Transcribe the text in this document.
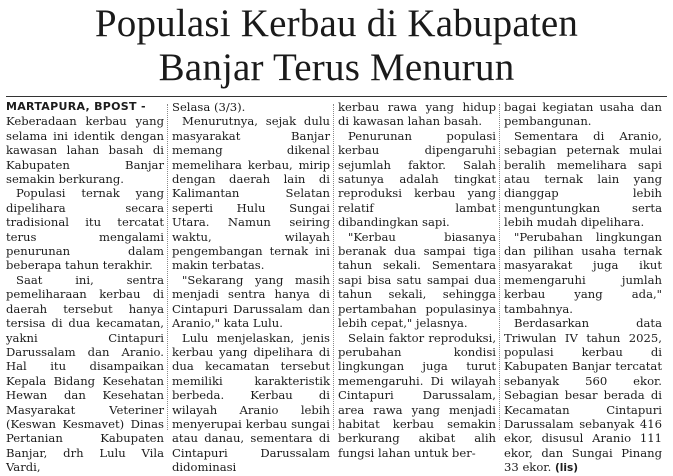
Populasi Kerbau di Kabupaten
Banjar Terus Menurun
MARTAPURA, BPOST -

Keberadaan kerbau yang selama ini identik dengan kawasan lahan basah di Kabupaten Banjar semakin berkurang.

Populasi ternak yang dipelihara secara tradisional itu tercatat terus mengalami penurunan dalam beberapa tahun terakhir.

Saat ini, sentra pemeliharaan kerbau di daerah tersebut hanya tersisa di dua kecamatan, yakni Cintapuri Darussalam dan Aranio. Hal itu disampaikan Kepala Bidang Kesehatan Hewan dan Kesehatan Masyarakat Veteriner (Keswan Kesmavet) Dinas Pertanian Kabupaten Banjar, drh Lulu Vila Vardi,

Selasa (3/3).

Menurutnya, sejak dulu masyarakat Banjar memang dikenal memelihara kerbau, mirip dengan daerah lain di Kalimantan Selatan seperti Hulu Sungai Utara. Namun seiring waktu, wilayah pengembangan ternak ini makin terbatas.

"Sekarang yang masih menjadi sentra hanya di Cintapuri Darussalam dan Aranio," kata Lulu.

Lulu menjelaskan, jenis kerbau yang dipelihara di dua kecamatan tersebut memiliki karakteristik berbeda. Kerbau di wilayah Aranio lebih menyerupai kerbau sungai atau danau, sementara di Cintapuri Darussalam didominasi

kerbau rawa yang hidup di kawasan lahan basah.

Penurunan populasi kerbau dipengaruhi sejumlah faktor. Salah satunya adalah tingkat reproduksi kerbau yang relatif lambat dibandingkan sapi.

"Kerbau biasanya beranak dua sampai tiga tahun sekali. Sementara sapi bisa satu sampai dua tahun sekali, sehingga pertambahan populasinya lebih cepat," jelasnya.

Selain faktor reproduksi, perubahan kondisi lingkungan juga turut memengaruhi. Di wilayah Cintapuri Darussalam, area rawa yang menjadi habitat kerbau semakin berkurang akibat alih fungsi lahan untuk ber-

bagai kegiatan usaha dan pembangunan.

Sementara di Aranio, sebagian peternak mulai beralih memelihara sapi atau ternak lain yang dianggap lebih menguntungkan serta lebih mudah dipelihara.

"Perubahan lingkungan dan pilihan usaha ternak masyarakat juga ikut memengaruhi jumlah kerbau yang ada," tambahnya.

Berdasarkan data Triwulan IV tahun 2025, populasi kerbau di Kabupaten Banjar tercatat sebanyak 560 ekor. Sebagian besar berada di Kecamatan Cintapuri Darussalam sebanyak 416 ekor, disusul Aranio 111 ekor, dan Sungai Pinang 33 ekor. (lis)
